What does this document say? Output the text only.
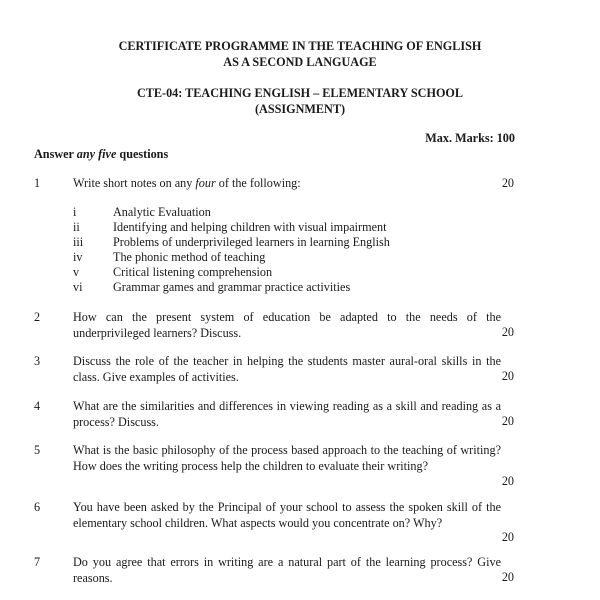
CERTIFICATE PROGRAMME IN THE TEACHING OF ENGLISH
AS A SECOND LANGUAGE
CTE-04: TEACHING ENGLISH – ELEMENTARY SCHOOL
(ASSIGNMENT)
Max. Marks: 100
Answer any five questions
1	Write short notes on any four of the following:	20
i	Analytic Evaluation
ii	Identifying and helping children with visual impairment
iii Problems of underprivileged learners in learning English
iv	The phonic method of teaching
v	Critical listening comprehension
vi	Grammar games and grammar practice activities
2	How can the present system of education be adapted to the needs of the underprivileged learners? Discuss.	20
3	Discuss the role of the teacher in helping the students master aural-oral skills in the class. Give examples of activities.	20
4	What are the similarities and differences in viewing reading as a skill and reading as a process? Discuss.	20
5	What is the basic philosophy of the process based approach to the teaching of writing? How does the writing process help the children to evaluate their writing?
20
6	You have been asked by the Principal of your school to assess the spoken skill of the elementary school children. What aspects would you concentrate on? Why?
20
7	Do you agree that errors in writing are a natural part of the learning process? Give reasons.	20
